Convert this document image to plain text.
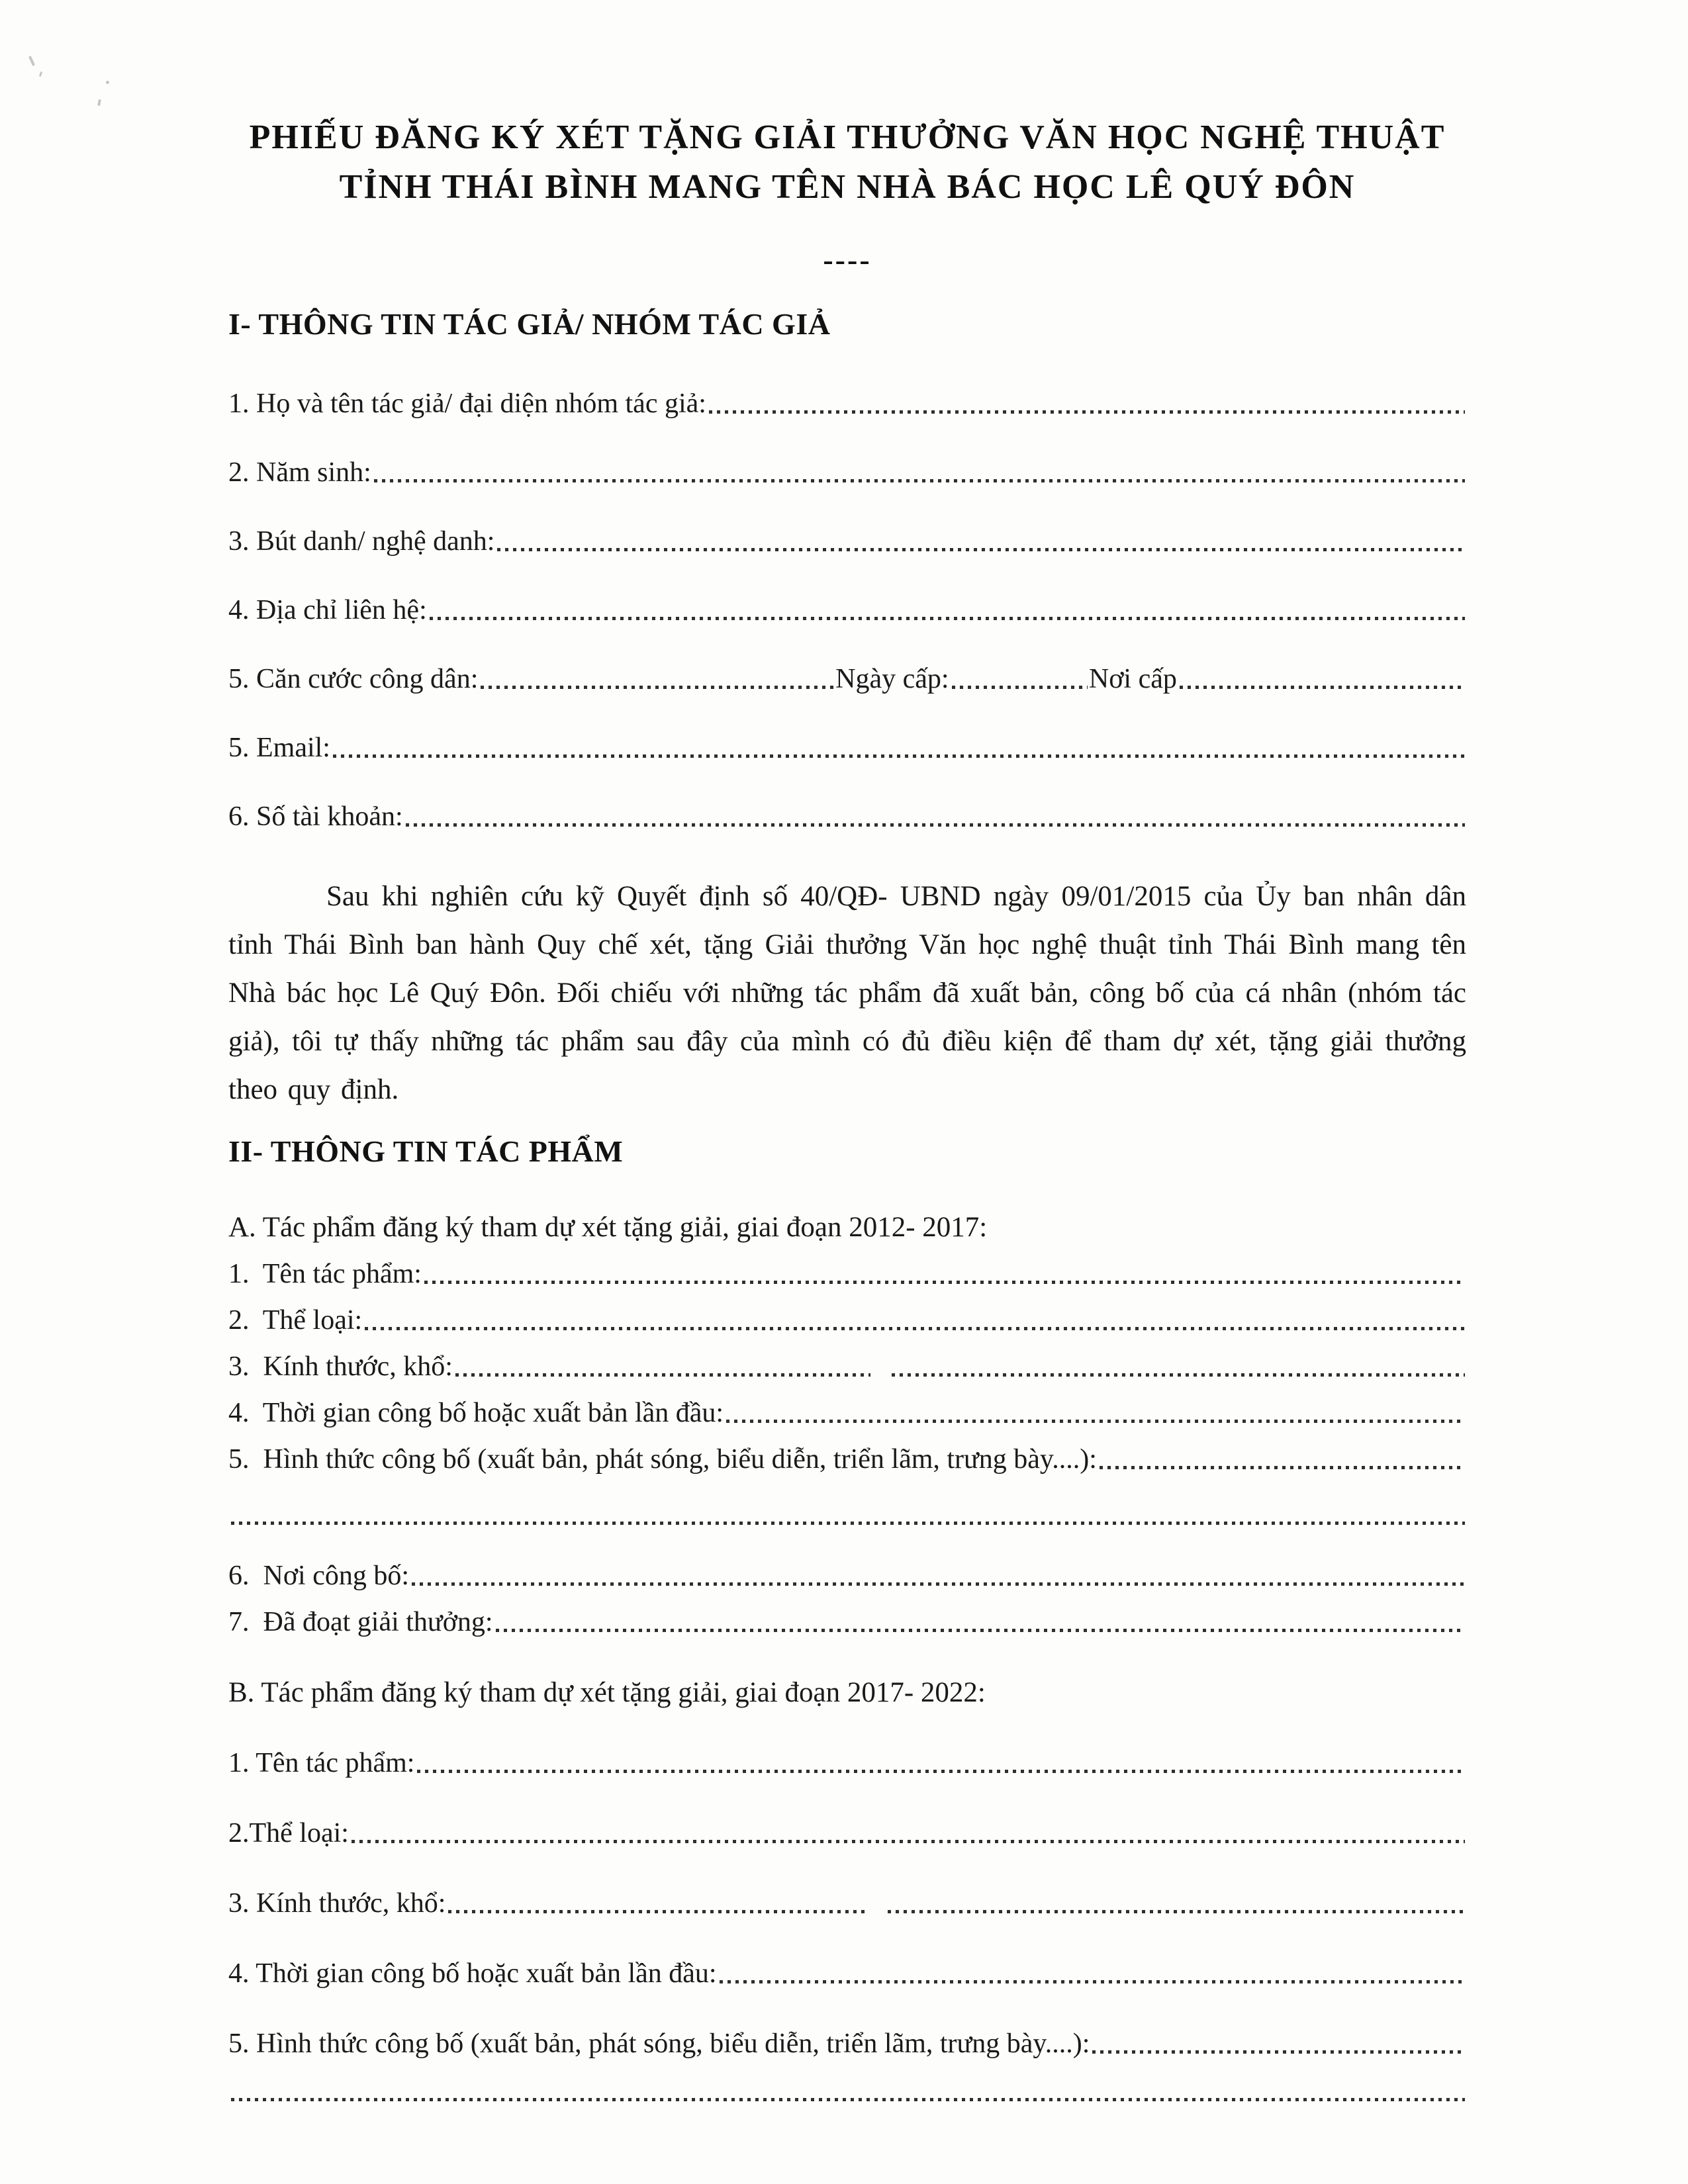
PHIẾU ĐĂNG KÝ XÉT TẶNG GIẢI THƯỞNG VĂN HỌC NGHỆ THUẬT
TỈNH THÁI BÌNH MANG TÊN NHÀ BÁC HỌC LÊ QUÝ ĐÔN
----
I- THÔNG TIN TÁC GIẢ/ NHÓM TÁC GIẢ
1. Họ và tên tác giả/ đại diện nhóm tác giả:
2. Năm sinh:
3. Bút danh/ nghệ danh:
4. Địa chỉ liên hệ:
5. Căn cước công dân:	Ngày cấp:	Nơi cấp
5. Email:
6. Số tài khoản:
Sau khi nghiên cứu kỹ Quyết định số 40/QĐ- UBND ngày 09/01/2015 của Ủy ban nhân dân tỉnh Thái Bình ban hành Quy chế xét, tặng Giải thưởng Văn học nghệ thuật tỉnh Thái Bình mang tên Nhà bác học Lê Quý Đôn. Đối chiếu với những tác phẩm đã xuất bản, công bố của cá nhân (nhóm tác giả), tôi tự thấy những tác phẩm sau đây của mình có đủ điều kiện để tham dự xét, tặng giải thưởng theo quy định.
II- THÔNG TIN TÁC PHẨM
A. Tác phẩm đăng ký tham dự xét tặng giải, giai đoạn 2012- 2017:
1.  Tên tác phẩm:
2.  Thể loại:
3.  Kính thước, khổ:
4.  Thời gian công bố hoặc xuất bản lần đầu:
5.  Hình thức công bố (xuất bản, phát sóng, biểu diễn, triển lãm, trưng bày....):
6.  Nơi công bố:
7.  Đã đoạt giải thưởng:
B. Tác phẩm đăng ký tham dự xét tặng giải, giai đoạn 2017- 2022:
1. Tên tác phẩm:
2.Thể loại:
3. Kính thước, khổ:
4. Thời gian công bố hoặc xuất bản lần đầu:
5. Hình thức công bố (xuất bản, phát sóng, biểu diễn, triển lãm, trưng bày....):
